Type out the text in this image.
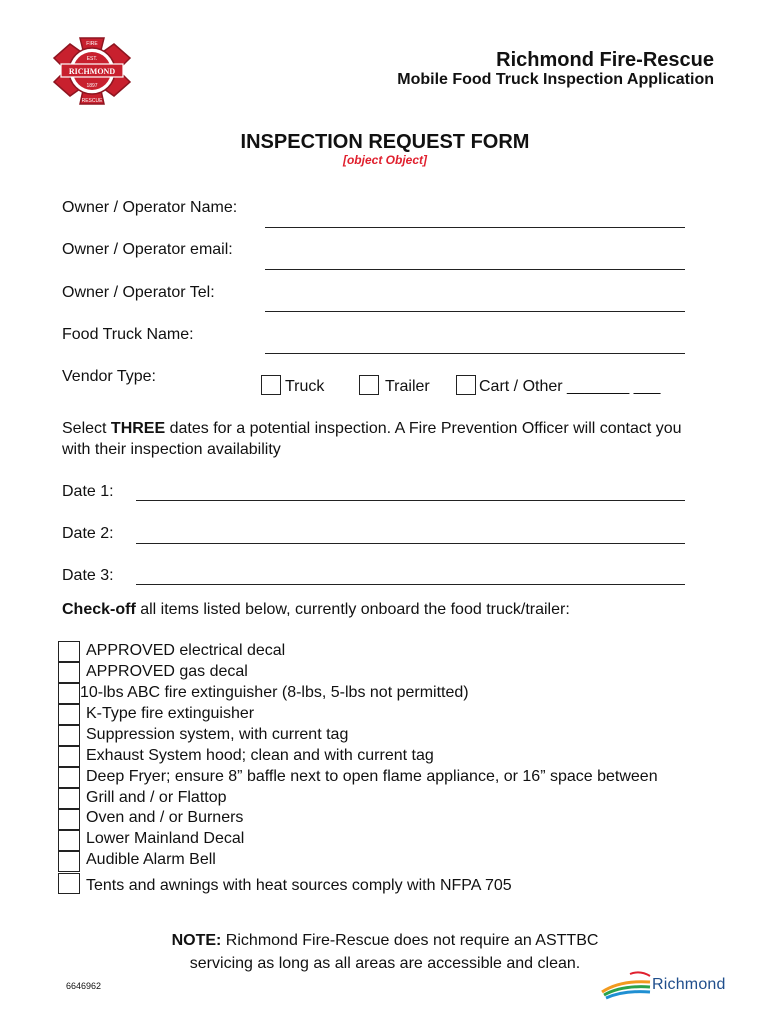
FIRE
EST.
RICHMOND
1897
RESCUE
Richmond Fire-Rescue
Mobile Food Truck Inspection Application
INSPECTION REQUEST FORM
[object Object]
Owner / Operator Name:
Owner / Operator email:
Owner / Operator Tel:
Food Truck Name:
Vendor Type:
Truck	Trailer	Cart / Other _______ ___
Select THREE dates for a potential inspection. A Fire Prevention Officer will contact you with their inspection availability
Date 1:
Date 2:
Date 3:
Check-off all items listed below, currently onboard the food truck/trailer:
APPROVED electrical decal
APPROVED gas decal
10-lbs ABC fire extinguisher (8-lbs, 5-lbs not permitted)
K-Type fire extinguisher
Suppression system, with current tag
Exhaust System hood; clean and with current tag
Deep Fryer; ensure 8” baffle next to open flame appliance, or 16” space between
Grill and / or Flattop
Oven and / or Burners
Lower Mainland Decal
Audible Alarm Bell
Tents and awnings with heat sources comply with NFPA 705
NOTE: Richmond Fire-Rescue does not require an ASTTBC
servicing as long as all areas are accessible and clean.
6646962	Richmond
